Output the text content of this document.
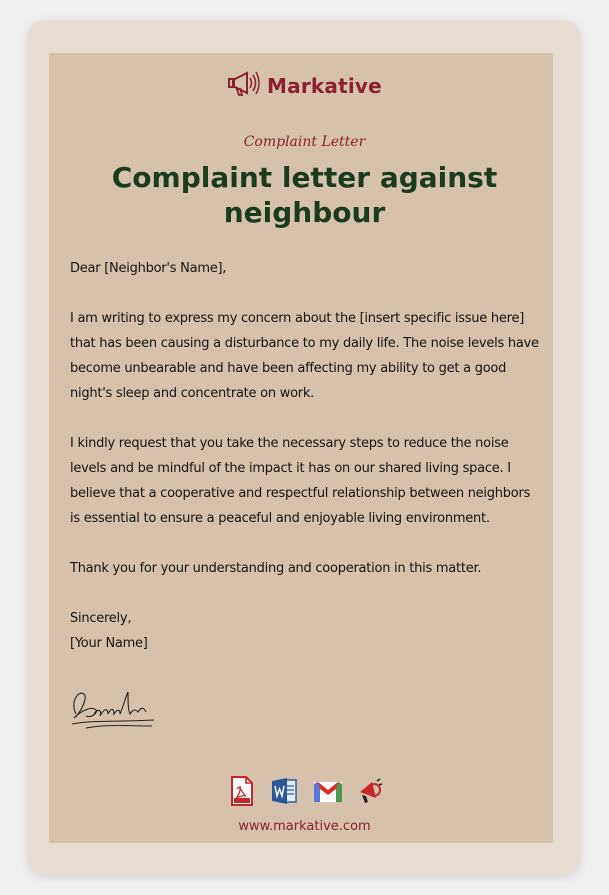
Markative
Complaint Letter
Complaint letter against neighbour

Dear [Neighbor's Name],

I am writing to express my concern about the [insert specific issue here] that has been causing a disturbance to my daily life. The noise levels have become unbearable and have been affecting my ability to get a good night's sleep and concentrate on work.

I kindly request that you take the necessary steps to reduce the noise levels and be mindful of the impact it has on our shared living space. I believe that a cooperative and respectful relationship between neighbors is essential to ensure a peaceful and enjoyable living environment.

Thank you for your understanding and cooperation in this matter.

Sincerely,

[Your Name]

www.markative.com
